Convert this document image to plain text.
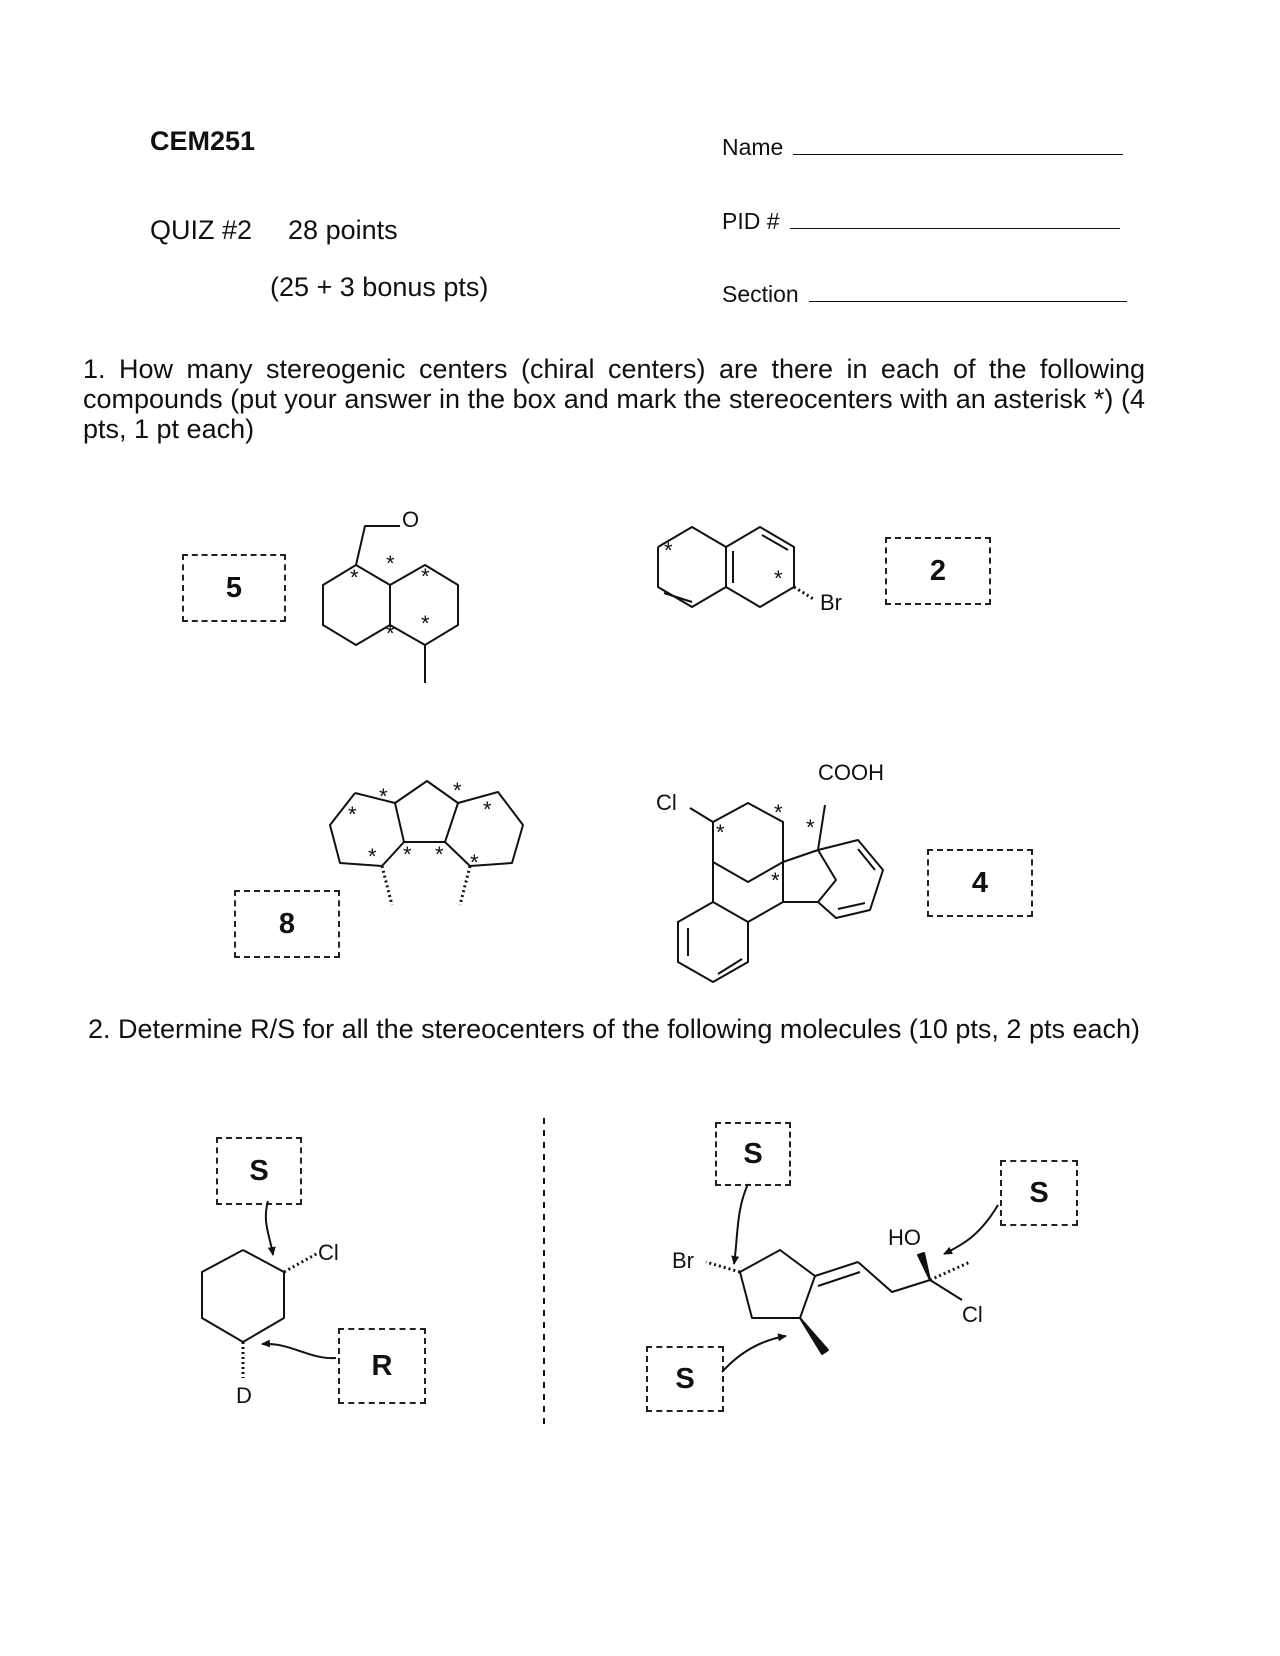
CEM251
QUIZ #2 28 points
(25 + 3 bonus pts)
Name
PID #
Section
1. How many stereogenic centers (chiral centers) are there in each of the following compounds (put your answer in the box and mark the stereocenters with an asterisk *) (4 pts, 1 pt each)
2. Determine R/S for all the stereocenters of the following molecules (10 pts, 2 pts each)
5
2
8
4
S
R
S
S
S
O
*
*
*
* *
Br
*
*
*
*
*
*
* * * *
Cl
COOH
*
*
*
*
Cl
D
Br
HO
Cl
